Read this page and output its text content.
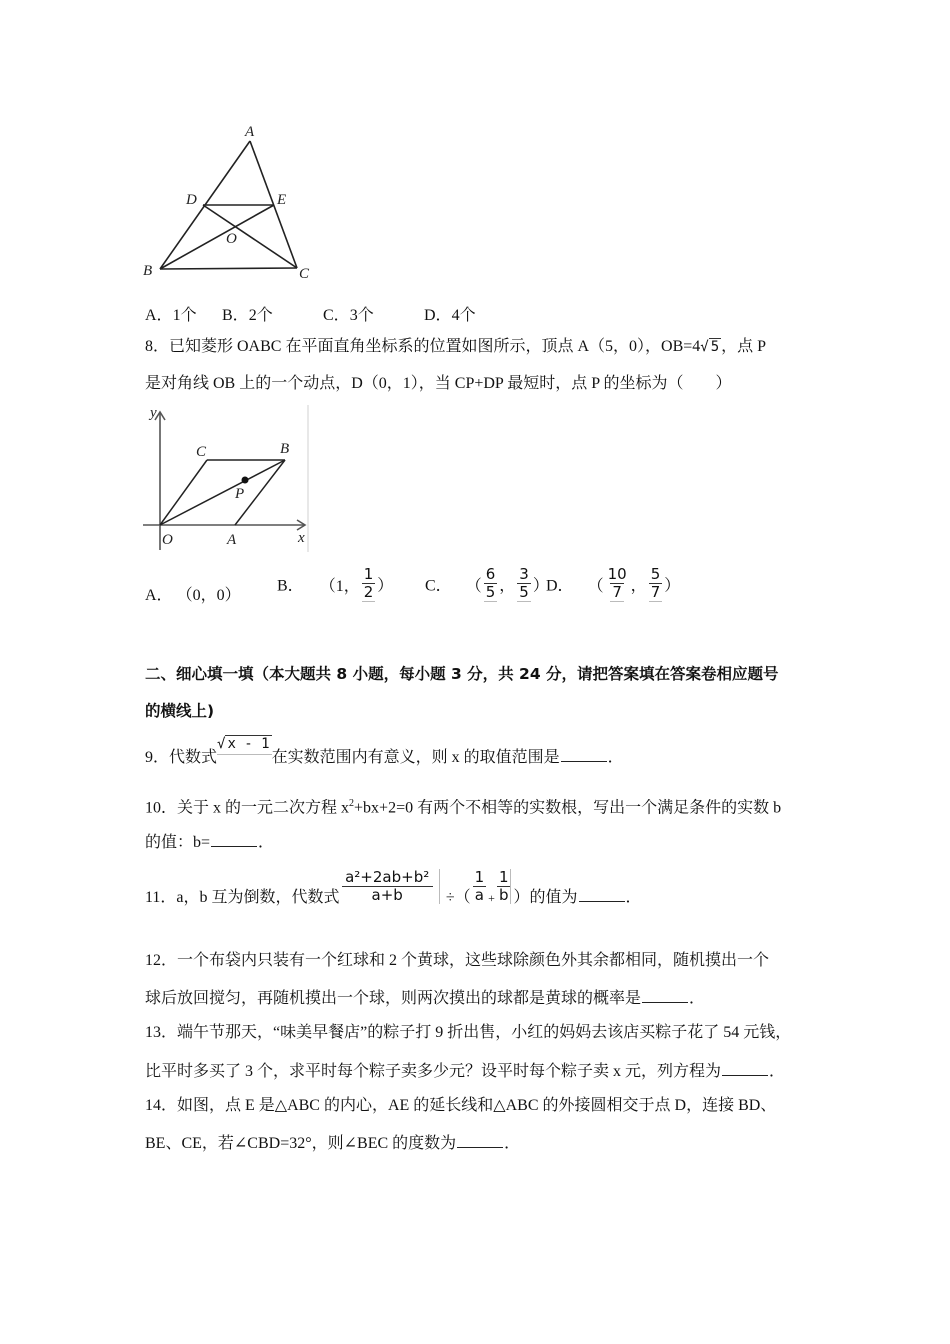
A
D	E
O
B	C
A．1个 B．2个	C．3个	D．4个
8．已知菱形 OABC 在平面直角坐标系的位置如图所示，顶点 A（5，0），OB=4√ 5 ，点 P
是对角线 OB 上的一个动点，D（0，1），当 CP+DP 最短时，点 P 的坐标为（　　）
y
x
O	A
C	B
P
A． （0，0）
B． （1， $\frac{1}{2}$ ） C． （ $\frac{6}{5}$ ， $\frac{3}{5}$ ）
D． （ $\frac{10}{7}$ ， $\frac{5}{7}$ ）
二、细心填一填（本大题共 8 小题，每小题 3 分，共 24 分，请把答案填在答案卷相应题号
的横线上)
9．代数式√ x - 1在实数范围内有意义，则 x 的取值范围是	．
10．关于 x 的一元二次方程 $x^2+bx+2=0$ 有两个不相等的实数根，写出一个满足条件的实数 b
的值：b=	．
11．a，b 互为倒数，代数式 $\frac{\text{a²+2ab+b²}}{a+b}$ ÷（ $\frac{1}{a} _+ \frac{1}{b}$ ）的值为	．
12．一个布袋内只装有一个红球和 2 个黄球，这些球除颜色外其余都相同，随机摸出一个
球后放回搅匀，再随机摸出一个球，则两次摸出的球都是黄球的概率是	．
13．端午节那天，“味美早餐店”的粽子打 9 折出售，小红的妈妈去该店买粽子花了 54 元钱，
比平时多买了 3 个，求平时每个粽子卖多少元？设平时每个粽子卖 x 元，列方程为	．
14．如图，点 E 是△ABC 的内心，AE 的延长线和△ABC 的外接圆相交于点 D，连接 BD、
BE、CE，若∠CBD=32°，则∠BEC 的度数为	．
